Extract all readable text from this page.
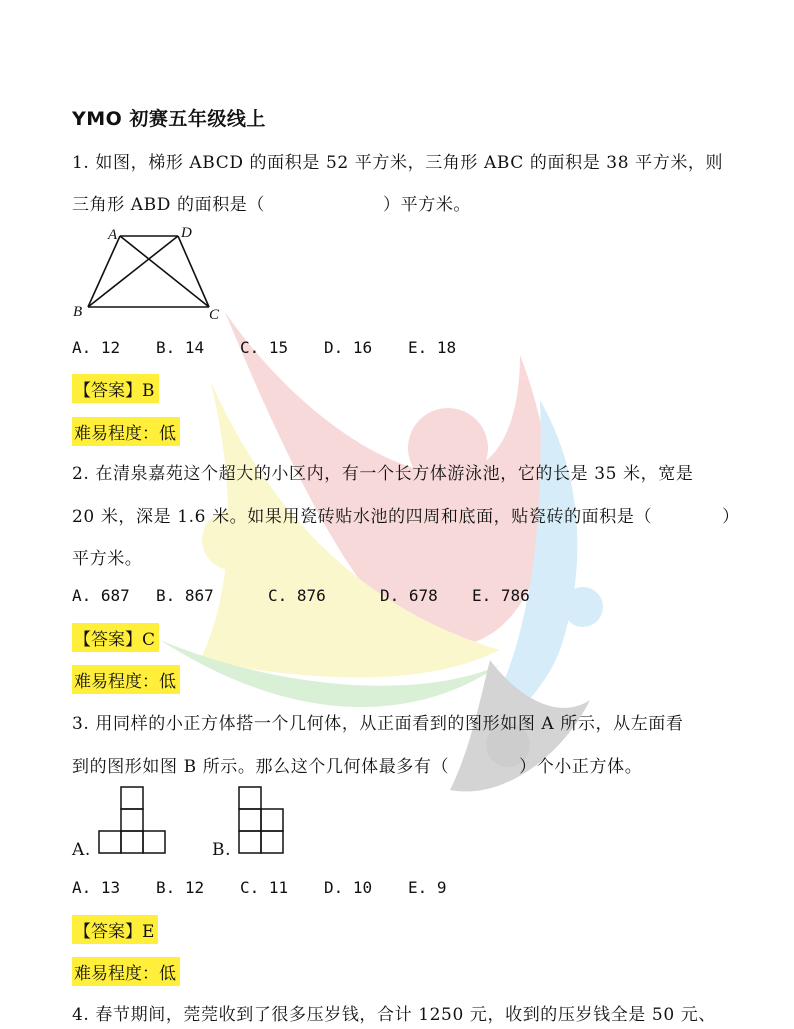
YMO 初赛五年级线上
1. 如图，梯形 ABCD 的面积是 52 平方米，三角形 ABC 的面积是 38 平方米，则
三角形 ABD 的面积是（	）平方米。
A	D
B	C
A. 12 B. 14 C. 15 D. 16 E. 18
【答案】B
难易程度：低
2. 在清泉嘉苑这个超大的小区内，有一个长方体游泳池，它的长是 35 米，宽是
20 米，深是 1.6 米。如果用瓷砖贴水池的四周和底面，贴瓷砖的面积是（	）
平方米。
A. 687 B. 867	C. 876	D. 678 E. 786
【答案】C
难易程度：低
3. 用同样的小正方体搭一个几何体，从正面看到的图形如图 A 所示，从左面看
到的图形如图 B 所示。那么这个几何体最多有（	）个小正方体。
A.	B.
A. 13 B. 12 C. 11 D. 10 E. 9
【答案】E
难易程度：低
4. 春节期间，莞莞收到了很多压岁钱，合计 1250 元，收到的压岁钱全是 50 元、
